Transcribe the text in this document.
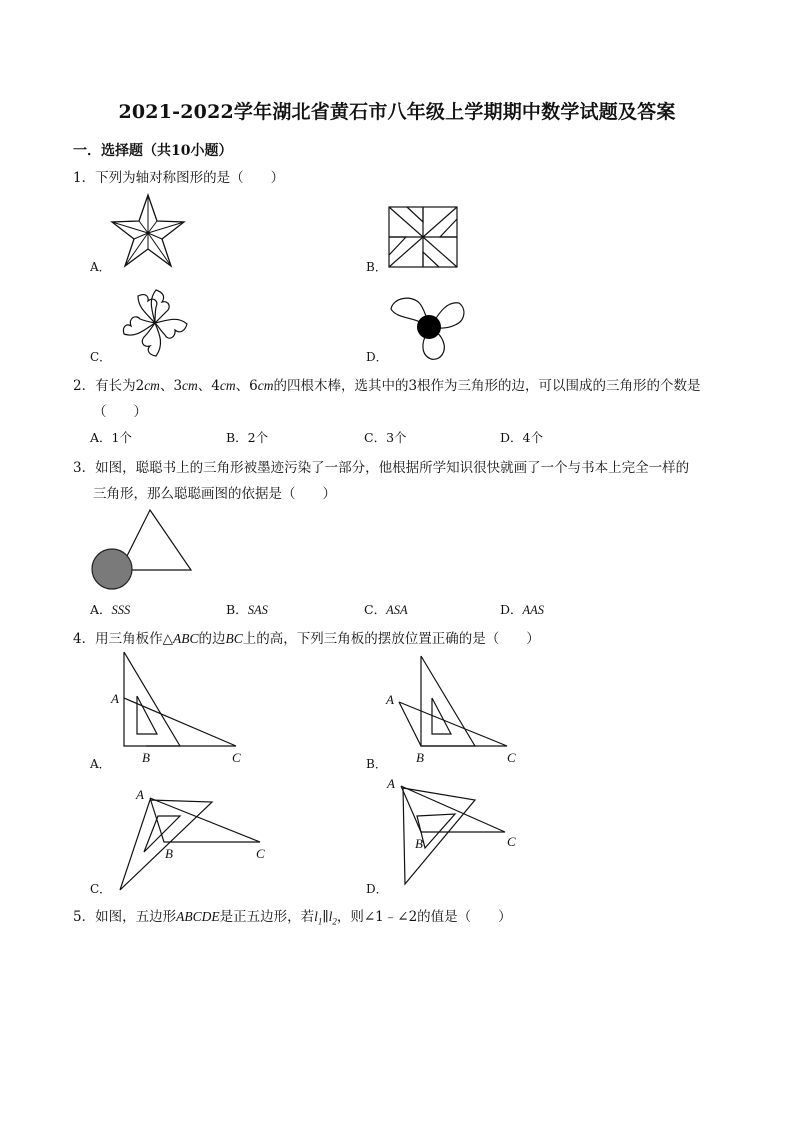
2021-2022学年湖北省黄石市八年级上学期期中数学试题及答案
一．选择题（共10小题）
1．下列为轴对称图形的是（　　）
A．	B．
C．	D．
2．有长为2cm、3cm、4cm、6cm的四根木棒，选其中的3根作为三角形的边，可以围成的三角形的个数是
（　　）
A．1个	B．2个	C．3个	D．4个
3．如图，聪聪书上的三角形被墨迹污染了一部分，他根据所学知识很快就画了一个与书本上完全一样的
三角形，那么聪聪画图的依据是（　　）
A．SSS	B．SAS	C．ASA	D．AAS
4．用三角板作△ABC的边BC上的高，下列三角板的摆放位置正确的是（　　）
A
B	C
A．
A
B	C
B．
A
B	C
C．
A
B	C
D．
5．如图，五边形ABCDE是正五边形，若$l_1\parallel l_2$，则∠1﹣∠2的值是（　　）
